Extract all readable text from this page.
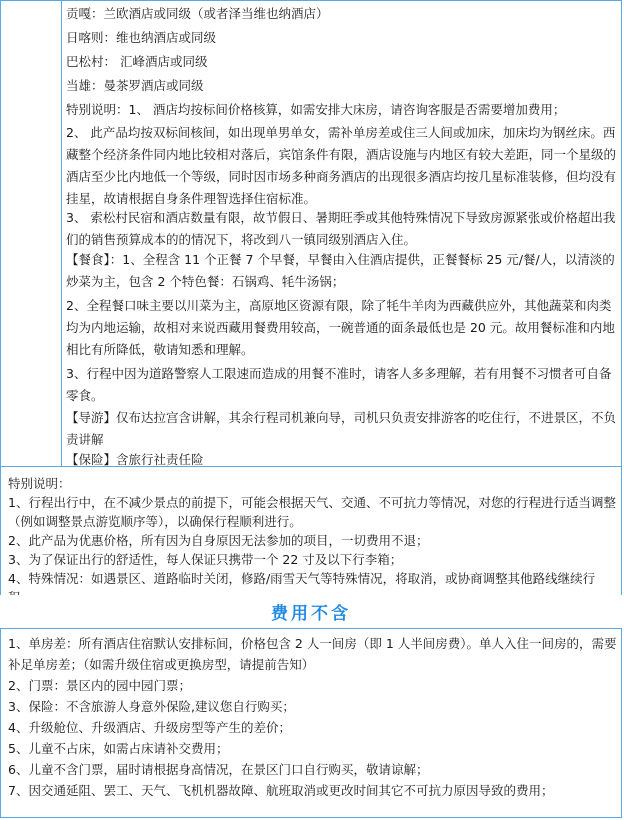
贡嘎：兰欧酒店或同级（或者泽当维也纳酒店）
日喀则：维也纳酒店或同级
巴松村： 汇峰酒店或同级
当雄：曼茶罗酒店或同级
特别说明：1、 酒店均按标间价格核算，如需安排大床房，请咨询客服是否需要增加费用；
2、 此产品均按双标间核间，如出现单男单女，需补单房差或住三人间或加床，加床均为钢丝床。西藏整个经济条件同内地比较相对落后，宾馆条件有限，酒店设施与内地区有较大差距，同一个星级的酒店至少比内地低一个等级，同时因市场多种商务酒店的出现很多酒店均按几星标准装修，但均没有挂星，故请根据自身条件理智选择住宿标准。
3、 索松村民宿和酒店数量有限，故节假日、暑期旺季或其他特殊情况下导致房源紧张或价格超出我们的销售预算成本的的情况下，将改到八一镇同级别酒店入住。
【餐食】：1、全程含 11 个正餐 7 个早餐，早餐由入住酒店提供，正餐餐标 25 元/餐/人，以清淡的炒菜为主，包含 2 个特色餐：石锅鸡、牦牛汤锅；
2、全程餐口味主要以川菜为主，高原地区资源有限，除了牦牛羊肉为西藏供应外，其他蔬菜和肉类均为内地运输，故相对来说西藏用餐费用较高，一碗普通的面条最低也是 20 元。故用餐标准和内地相比有所降低，敬请知悉和理解。
3、行程中因为道路警察人工限速而造成的用餐不准时，请客人多多理解，若有用餐不习惯者可自备零食。
【导游】仅布达拉宫含讲解，其余行程司机兼向导，司机只负责安排游客的吃住行，不进景区，不负责讲解
【保险】含旅行社责任险
特别说明：
1、行程出行中，在不减少景点的前提下，可能会根据天气、交通、不可抗力等情况，对您的行程进行适当调整（例如调整景点游览顺序等），以确保行程顺利进行。
2、此产品为优惠价格，所有因为自身原因无法参加的项目，一切费用不退；
3、为了保证出行的舒适性，每人保证只携带一个 22 寸及以下行李箱；
4、特殊情况：如遇景区、道路临时关闭，修路/雨雪天气等特殊情况，将取消，或协商调整其他路线继续行
费用不含
1、单房差：所有酒店住宿默认安排标间，价格包含 2 人一间房（即 1 人半间房费）。单人入住一间房的，需要补足单房差；（如需升级住宿或更换房型，请提前告知）
2、门票：景区内的园中园门票；
3、保险：不含旅游人身意外保险,建议您自行购买；
4、升级舱位、升级酒店、升级房型等产生的差价；
5、儿童不占床，如需占床请补交费用；
6、儿童不含门票，届时请根据身高情况，在景区门口自行购买，敬请谅解；
7、因交通延阻、罢工、天气、飞机机器故障、航班取消或更改时间其它不可抗力原因导致的费用；
